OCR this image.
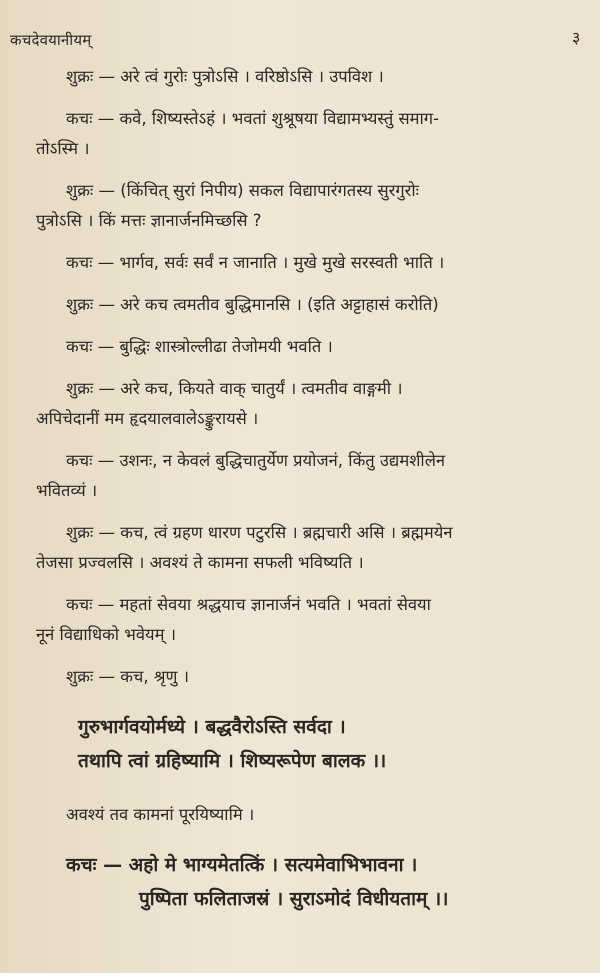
कचदेवयानीयम्	३
शुक्रः — अरे त्वं गुरोः पुत्रोऽसि । वरिष्ठोऽसि । उपविश ।
कचः — कवे, शिष्यस्तेऽहं । भवतां शुश्रूषया विद्यामभ्यस्तुं समाग-
तोऽस्मि ।
शुक्रः — (किंचित् सुरां निपीय) सकल विद्यापारंगतस्य सुरगुरोः
पुत्रोऽसि । किं मत्तः ज्ञानार्जनमिच्छसि ?
कचः — भार्गव, सर्वः सर्वं न जानाति । मुखे मुखे सरस्वती भाति ।
शुक्रः — अरे कच त्वमतीव बुद्धिमानसि । (इति अट्टाहासं करोति)
कचः — बुद्धिः शास्त्रोल्लीढा तेजोमयी भवति ।
शुक्रः — अरे कच, कियते वाक् चातुर्यं । त्वमतीव वाङ्गमी ।
अपिचेदानीं मम हृदयालवालेऽङ्कुरायसे ।
कचः — उशनः, न केवलं बुद्धिचातुर्येण प्रयोजनं, किंतु उद्यमशीलेन
भवितव्यं ।
शुक्रः — कच, त्वं ग्रहण धारण पटुरसि । ब्रह्मचारी असि । ब्रह्ममयेन
तेजसा प्रज्वलसि । अवश्यं ते कामना सफली भविष्यति ।
कचः — महतां सेवया श्रद्धयाच ज्ञानार्जनं भवति । भवतां सेवया
नूनं विद्याधिको भवेयम् ।
शुक्रः — कच, श्रृणु ।
गुरुभार्गवयोर्मध्ये । बद्धवैरोऽस्ति सर्वदा ।
तथापि त्वां ग्रहिष्यामि । शिष्यरूपेण बालक ।।
अवश्यं तव कामनां पूरयिष्यामि ।
कचः — अहो मे भाग्यमेतत्किं । सत्यमेवाभिभावना ।
पुष्पिता फलिताजस्रं । सुराऽमोदं विधीयताम् ।।
